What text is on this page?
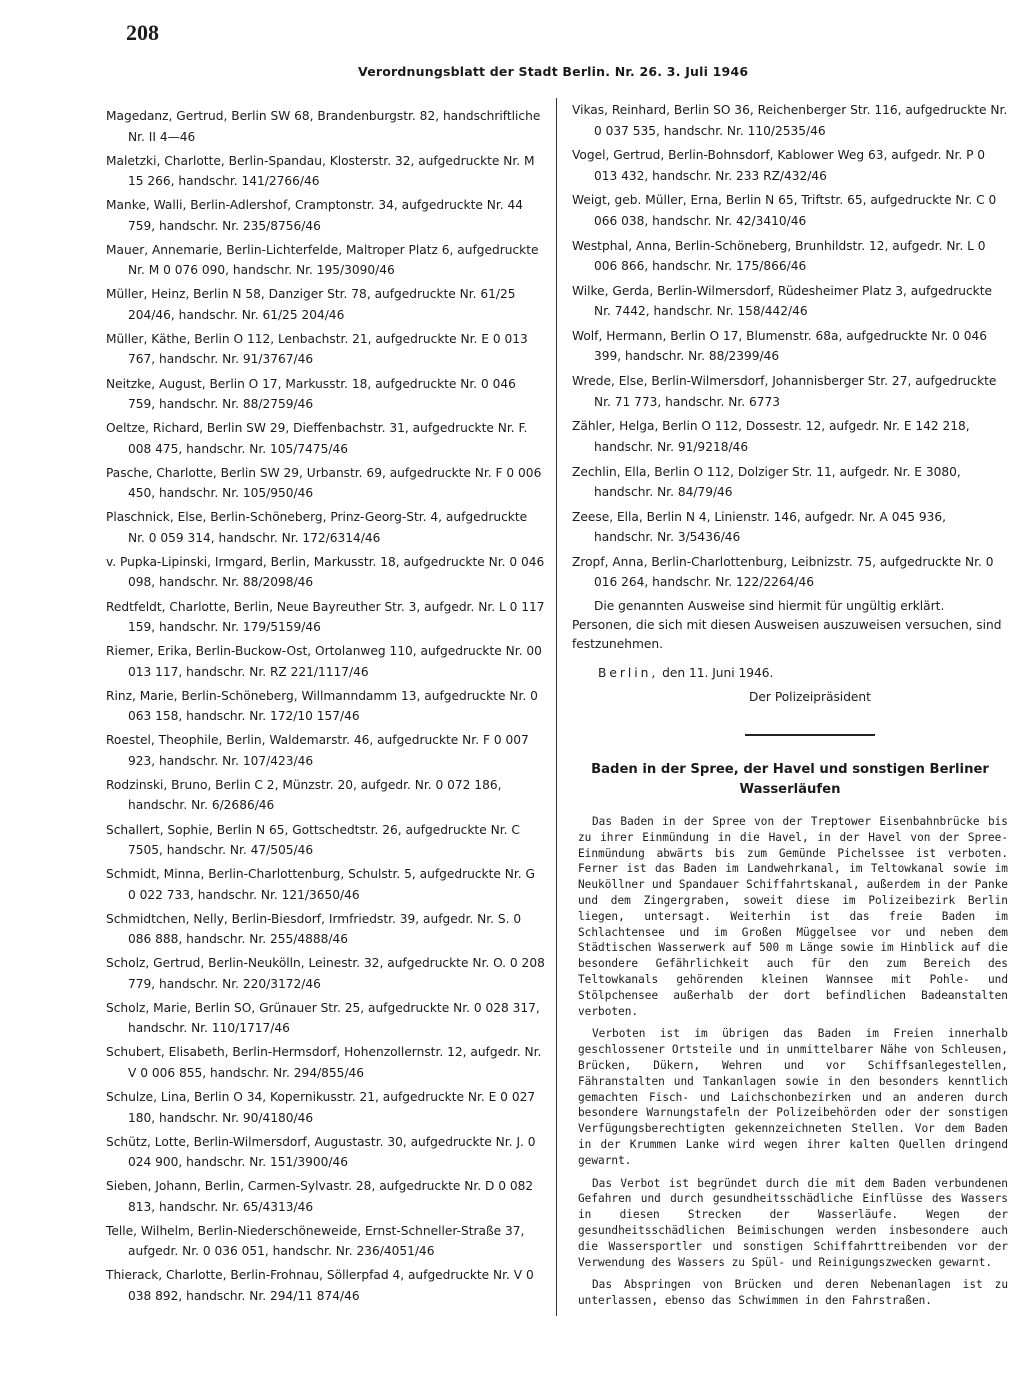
208
Verordnungsblatt der Stadt Berlin. Nr. 26. 3. Juli 1946
Magedanz, Gertrud, Berlin SW 68, Brandenburgstr. 82, handschriftliche Nr. II 4—46
Maletzki, Charlotte, Berlin-Spandau, Klosterstr. 32, aufgedruckte Nr. M 15 266, handschr. 141/2766/46
Manke, Walli, Berlin-Adlershof, Cramptonstr. 34, aufgedruckte Nr. 44 759, handschr. Nr. 235/8756/46
Mauer, Annemarie, Berlin-Lichterfelde, Maltroper Platz 6, aufgedruckte Nr. M 0 076 090, handschr. Nr. 195/3090/46
Müller, Heinz, Berlin N 58, Danziger Str. 78, aufgedruckte Nr. 61/25 204/46, handschr. Nr. 61/25 204/46
Müller, Käthe, Berlin O 112, Lenbachstr. 21, aufgedruckte Nr. E 0 013 767, handschr. Nr. 91/3767/46
Neitzke, August, Berlin O 17, Markusstr. 18, aufgedruckte Nr. 0 046 759, handschr. Nr. 88/2759/46
Oeltze, Richard, Berlin SW 29, Dieffenbachstr. 31, aufgedruckte Nr. F. 008 475, handschr. Nr. 105/7475/46
Pasche, Charlotte, Berlin SW 29, Urbanstr. 69, aufgedruckte Nr. F 0 006 450, handschr. Nr. 105/950/46
Plaschnick, Else, Berlin-Schöneberg, Prinz-Georg-Str. 4, aufgedruckte Nr. 0 059 314, handschr. Nr. 172/6314/46
v. Pupka-Lipinski, Irmgard, Berlin, Markusstr. 18, aufgedruckte Nr. 0 046 098, handschr. Nr. 88/2098/46
Redtfeldt, Charlotte, Berlin, Neue Bayreuther Str. 3, aufgedr. Nr. L 0 117 159, handschr. Nr. 179/5159/46
Riemer, Erika, Berlin-Buckow-Ost, Ortolanweg 110, aufgedruckte Nr. 00 013 117, handschr. Nr. RZ 221/1117/46
Rinz, Marie, Berlin-Schöneberg, Willmanndamm 13, aufgedruckte Nr. 0 063 158, handschr. Nr. 172/10 157/46
Roestel, Theophile, Berlin, Waldemarstr. 46, aufgedruckte Nr. F 0 007 923, handschr. Nr. 107/423/46
Rodzinski, Bruno, Berlin C 2, Münzstr. 20, aufgedr. Nr. 0 072 186, handschr. Nr. 6/2686/46
Schallert, Sophie, Berlin N 65, Gottschedtstr. 26, aufgedruckte Nr. C 7505, handschr. Nr. 47/505/46
Schmidt, Minna, Berlin-Charlottenburg, Schulstr. 5, aufgedruckte Nr. G 0 022 733, handschr. Nr. 121/3650/46
Schmidtchen, Nelly, Berlin-Biesdorf, Irmfriedstr. 39, aufgedr. Nr. S. 0 086 888, handschr. Nr. 255/4888/46
Scholz, Gertrud, Berlin-Neukölln, Leinestr. 32, aufgedruckte Nr. O. 0 208 779, handschr. Nr. 220/3172/46
Scholz, Marie, Berlin SO, Grünauer Str. 25, aufgedruckte Nr. 0 028 317, handschr. Nr. 110/1717/46
Schubert, Elisabeth, Berlin-Hermsdorf, Hohenzollernstr. 12, aufgedr. Nr. V 0 006 855, handschr. Nr. 294/855/46
Schulze, Lina, Berlin O 34, Kopernikusstr. 21, aufgedruckte Nr. E 0 027 180, handschr. Nr. 90/4180/46
Schütz, Lotte, Berlin-Wilmersdorf, Augustastr. 30, aufgedruckte Nr. J. 0 024 900, handschr. Nr. 151/3900/46
Sieben, Johann, Berlin, Carmen-Sylvastr. 28, aufgedruckte Nr. D 0 082 813, handschr. Nr. 65/4313/46
Telle, Wilhelm, Berlin-Niederschöneweide, Ernst-Schneller-Straße 37, aufgedr. Nr. 0 036 051, handschr. Nr. 236/4051/46
Thierack, Charlotte, Berlin-Frohnau, Söllerpfad 4, aufgedruckte Nr. V 0 038 892, handschr. Nr. 294/11 874/46
Vikas, Reinhard, Berlin SO 36, Reichenberger Str. 116, aufgedruckte Nr. 0 037 535, handschr. Nr. 110/2535/46
Vogel, Gertrud, Berlin-Bohnsdorf, Kablower Weg 63, aufgedr. Nr. P 0 013 432, handschr. Nr. 233 RZ/432/46
Weigt, geb. Müller, Erna, Berlin N 65, Triftstr. 65, aufgedruckte Nr. C 0 066 038, handschr. Nr. 42/3410/46
Westphal, Anna, Berlin-Schöneberg, Brunhildstr. 12, aufgedr. Nr. L 0 006 866, handschr. Nr. 175/866/46
Wilke, Gerda, Berlin-Wilmersdorf, Rüdesheimer Platz 3, aufgedruckte Nr. 7442, handschr. Nr. 158/442/46
Wolf, Hermann, Berlin O 17, Blumenstr. 68a, aufgedruckte Nr. 0 046 399, handschr. Nr. 88/2399/46
Wrede, Else, Berlin-Wilmersdorf, Johannisberger Str. 27, aufgedruckte Nr. 71 773, handschr. Nr. 6773
Zähler, Helga, Berlin O 112, Dossestr. 12, aufgedr. Nr. E 142 218, handschr. Nr. 91/9218/46
Zechlin, Ella, Berlin O 112, Dolziger Str. 11, aufgedr. Nr. E 3080, handschr. Nr. 84/79/46
Zeese, Ella, Berlin N 4, Linienstr. 146, aufgedr. Nr. A 045 936, handschr. Nr. 3/5436/46
Zropf, Anna, Berlin-Charlottenburg, Leibnizstr. 75, aufgedruckte Nr. 0 016 264, handschr. Nr. 122/2264/46
Die genannten Ausweise sind hiermit für ungültig erklärt. Personen, die sich mit diesen Ausweisen auszuweisen versuchen, sind festzunehmen.
Berlin, den 11. Juni 1946.
Der Polizeipräsident
Baden in der Spree, der Havel und sonstigen Berliner Wasserläufen

Das Baden in der Spree von der Treptower Eisenbahnbrücke bis zu ihrer Einmündung in die Havel, in der Havel von der Spree-Einmündung abwärts bis zum Gemünde Pichelssee ist verboten. Ferner ist das Baden im Landwehrkanal, im Teltowkanal sowie im Neuköllner und Spandauer Schiffahrtskanal, außerdem in der Panke und dem Zingergraben, soweit diese im Polizeibezirk Berlin liegen, untersagt. Weiterhin ist das freie Baden im Schlachtensee und im Großen Müggelsee vor und neben dem Städtischen Wasserwerk auf 500 m Länge sowie im Hinblick auf die besondere Gefährlichkeit auch für den zum Bereich des Teltowkanals gehörenden kleinen Wannsee mit Pohle- und Stölpchensee außerhalb der dort befindlichen Badeanstalten verboten.

Verboten ist im übrigen das Baden im Freien innerhalb geschlossener Ortsteile und in unmittelbarer Nähe von Schleusen, Brücken, Dükern, Wehren und vor Schiffsanlegestellen, Fähranstalten und Tankanlagen sowie in den besonders kenntlich gemachten Fisch- und Laichschonbezirken und an anderen durch besondere Warnungstafeln der Polizeibehörden oder der sonstigen Verfügungsberechtigten gekennzeichneten Stellen. Vor dem Baden in der Krummen Lanke wird wegen ihrer kalten Quellen dringend gewarnt.

Das Verbot ist begründet durch die mit dem Baden verbundenen Gefahren und durch gesundheitsschädliche Einflüsse des Wassers in diesen Strecken der Wasserläufe. Wegen der gesundheitsschädlichen Beimischungen werden insbesondere auch die Wassersportler und sonstigen Schiffahrttreibenden vor der Verwendung des Wassers zu Spül- und Reinigungszwecken gewarnt.

Das Abspringen von Brücken und deren Nebenanlagen ist zu unterlassen, ebenso das Schwimmen in den Fahrstraßen.
